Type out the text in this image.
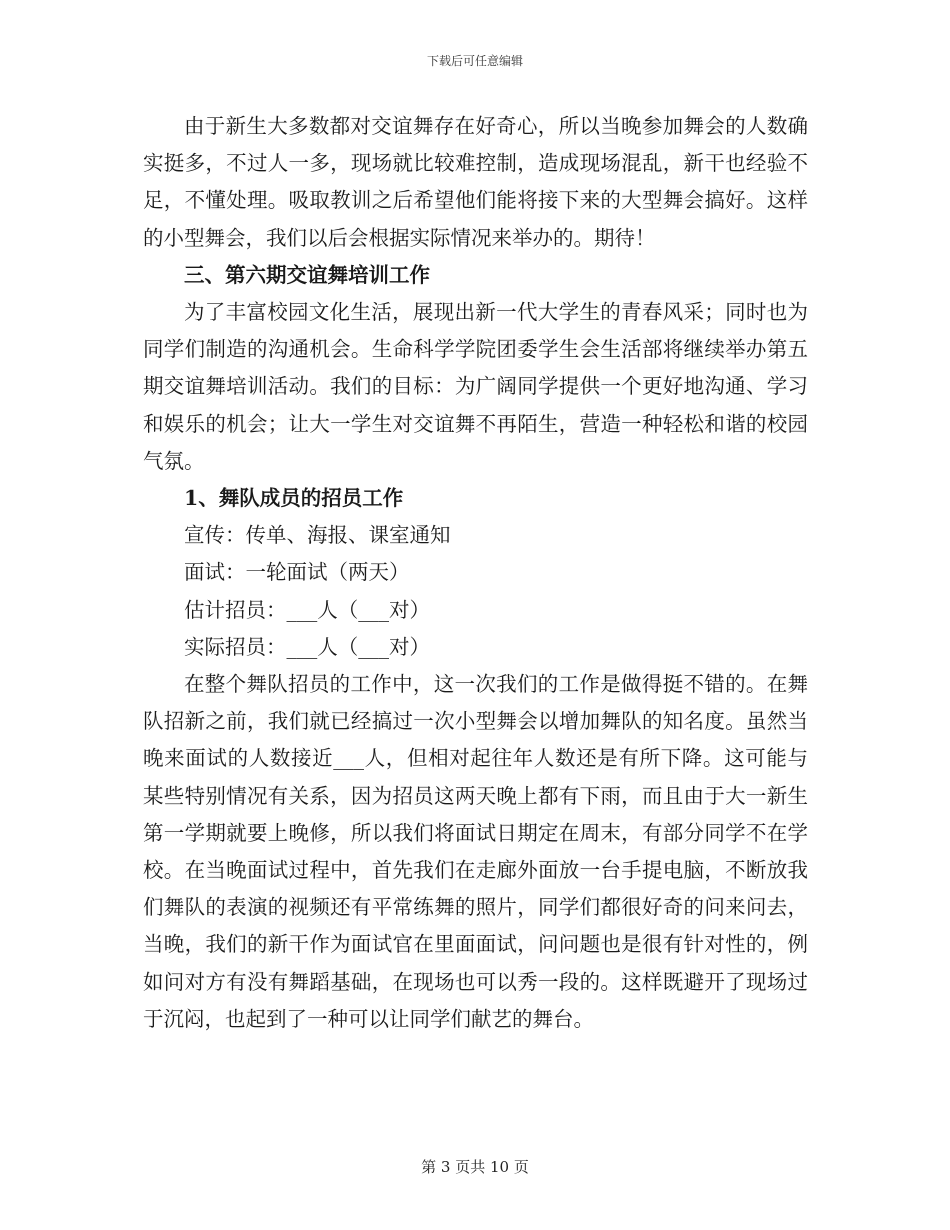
下载后可任意编辑

由于新生大多数都对交谊舞存在好奇心，所以当晚参加舞会的人数确实挺多，不过人一多，现场就比较难控制，造成现场混乱，新干也经验不足，不懂处理。吸取教训之后希望他们能将接下来的大型舞会搞好。这样的小型舞会，我们以后会根据实际情况来举办的。期待！

三、第六期交谊舞培训工作

为了丰富校园文化生活，展现出新一代大学生的青春风采；同时也为同学们制造的沟通机会。生命科学学院团委学生会生活部将继续举办第五期交谊舞培训活动。我们的目标：为广阔同学提供一个更好地沟通、学习和娱乐的机会；让大一学生对交谊舞不再陌生，营造一种轻松和谐的校园气氛。

1、舞队成员的招员工作

宣传：传单、海报、课室通知

面试：一轮面试（两天）

估计招员：___人（___对）

实际招员：___人（___对）

在整个舞队招员的工作中，这一次我们的工作是做得挺不错的。在舞队招新之前，我们就已经搞过一次小型舞会以增加舞队的知名度。虽然当晚来面试的人数接近___人，但相对起往年人数还是有所下降。这可能与某些特别情况有关系，因为招员这两天晚上都有下雨，而且由于大一新生第一学期就要上晚修，所以我们将面试日期定在周末，有部分同学不在学校。在当晚面试过程中，首先我们在走廊外面放一台手提电脑，不断放我们舞队的表演的视频还有平常练舞的照片，同学们都很好奇的问来问去，当晚，我们的新干作为面试官在里面面试，问问题也是很有针对性的，例如问对方有没有舞蹈基础，在现场也可以秀一段的。这样既避开了现场过于沉闷，也起到了一种可以让同学们献艺的舞台。

第 3 页共 10 页
